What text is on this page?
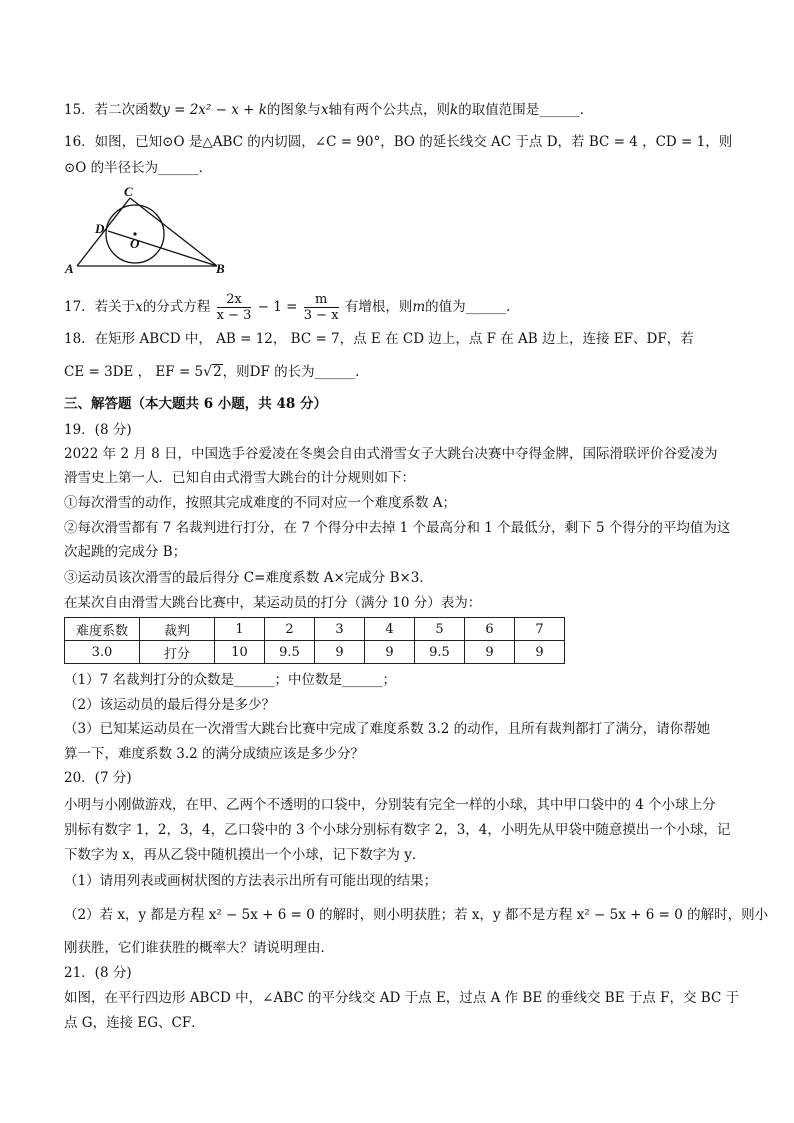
15．若二次函数y = 2x² − x + k的图象与x轴有两个公共点，则k的取值范围是______．
16．如图，已知⊙O 是△ABC 的内切圆，∠C = 90°，BO 的延长线交 AC 于点 D，若 BC = 4 ，CD = 1，则
⊙O 的半径长为______．
C
D
O
A	B
17．若关于x的分式方程 $\frac{2x}{x - 3} - 1 = \frac{m}{3 - x}$ 有增根，则m的值为______．
18．在矩形 ABCD 中， AB = 12， BC = 7，点 E 在 CD 边上，点 F 在 AB 边上，连接 EF、DF，若
CE = 3DE ， EF = 5√2，则DF 的长为______.
三、解答题（本大题共 6 小题，共 48 分）
19．(8 分)
2022 年 2 月 8 日，中国选手谷爱凌在冬奥会自由式滑雪女子大跳台决赛中夺得金牌，国际滑联评价谷爱凌为
滑雪史上第一人．已知自由式滑雪大跳台的计分规则如下：
①每次滑雪的动作，按照其完成难度的不同对应一个难度系数 A；
②每次滑雪都有 7 名裁判进行打分，在 7 个得分中去掉 1 个最高分和 1 个最低分，剩下 5 个得分的平均值为这
次起跳的完成分 B；
③运动员该次滑雪的最后得分 C=难度系数 A×完成分 B×3．
在某次自由滑雪大跳台比赛中，某运动员的打分（满分 10 分）表为：
难度系数	裁判	1	2	3	4	5	6	7
3.0	打分	10	9.5	9	9	9.5	9	9
（1）7 名裁判打分的众数是______；中位数是______；
（2）该运动员的最后得分是多少？
（3）已知某运动员在一次滑雪大跳台比赛中完成了难度系数 3.2 的动作，且所有裁判都打了满分，请你帮她
算一下，难度系数 3.2 的满分成绩应该是多少分？
20．(7 分)
小明与小刚做游戏，在甲、乙两个不透明的口袋中，分别装有完全一样的小球，其中甲口袋中的 4 个小球上分
别标有数字 1，2，3，4，乙口袋中的 3 个小球分别标有数字 2，3，4，小明先从甲袋中随意摸出一个小球，记
下数字为 x，再从乙袋中随机摸出一个小球，记下数字为 y．
（1）请用列表或画树状图的方法表示出所有可能出现的结果；
（2）若 x，y 都是方程 x² − 5x + 6 = 0 的解时，则小明获胜；若 x，y 都不是方程 x² − 5x + 6 = 0 的解时，则小
刚获胜，它们谁获胜的概率大？请说明理由．
21．(8 分)
如图，在平行四边形 ABCD 中，∠ABC 的平分线交 AD 于点 E，过点 A 作 BE 的垂线交 BE 于点 F，交 BC 于
点 G，连接 EG、CF．
